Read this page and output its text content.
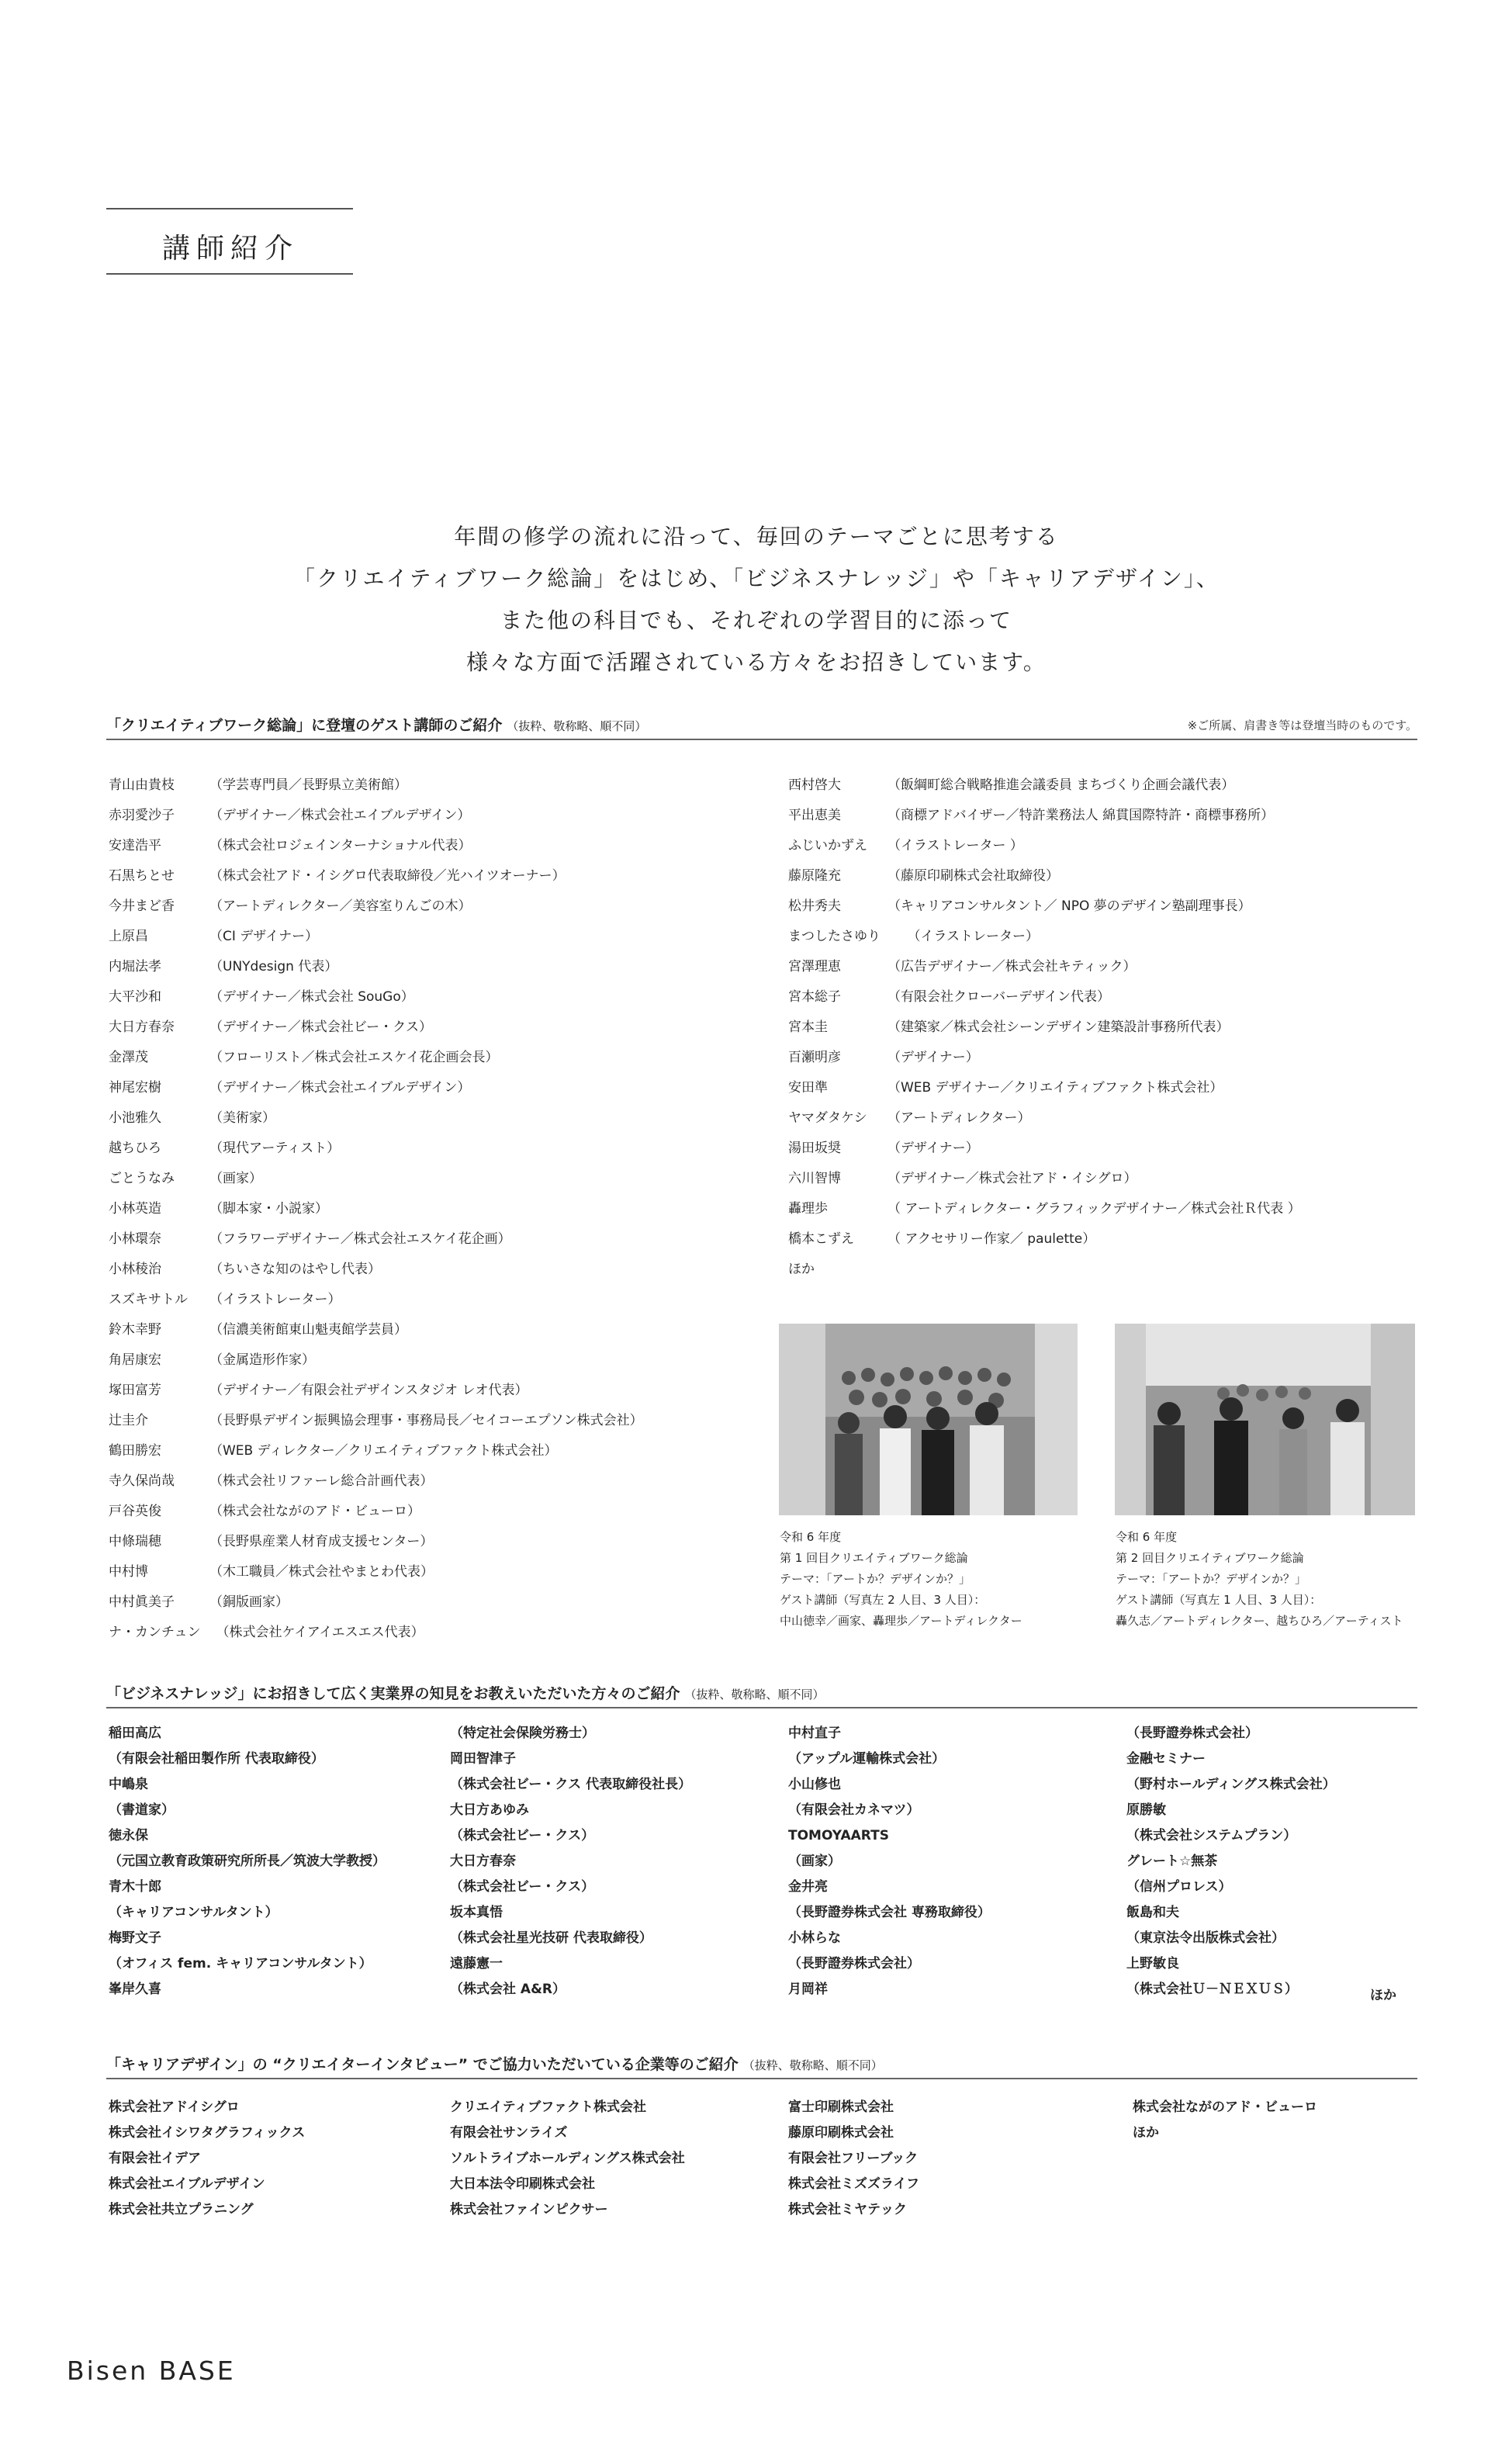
講師紹介

年間の修学の流れに沿って、毎回のテーマごとに思考する

「クリエイティブワーク総論」をはじめ、「ビジネスナレッジ」や「キャリアデザイン」、

また他の科目でも、それぞれの学習目的に添って

様々な方面で活躍されている方々をお招きしています。

「クリエイティブワーク総論」に登壇のゲスト講師のご紹介 （抜粋、敬称略、順不同）	※ご所属、肩書き等は登壇当時のものです。
青山由貴枝	（学芸専門員／長野県立美術館）
赤羽愛沙子	（デザイナー／株式会社エイブルデザイン）
安達浩平	（株式会社ロジェインターナショナル代表）
石黒ちとせ	（株式会社アド・イシグロ代表取締役／光ハイツオーナー）
今井まど香	（アートディレクター／美容室りんごの木）
上原昌	（CI デザイナー）
内堀法孝	（UNYdesign 代表）
大平沙和	（デザイナー／株式会社 SouGo）
大日方春奈	（デザイナー／株式会社ビー・クス）
金澤茂	（フローリスト／株式会社エスケイ花企画会長）
神尾宏樹	（デザイナー／株式会社エイブルデザイン）
小池雅久	（美術家）
越ちひろ	（現代アーティスト）
ごとうなみ	（画家）
小林英造	（脚本家・小説家）
小林環奈	（フラワーデザイナー／株式会社エスケイ花企画）
小林稜治	（ちいさな知のはやし代表）
スズキサトル	（イラストレーター）
鈴木幸野	（信濃美術館東山魁夷館学芸員）
角居康宏	（金属造形作家）
塚田富芳	（デザイナー／有限会社デザインスタジオ レオ代表）
辻圭介	（長野県デザイン振興協会理事・事務局長／セイコーエプソン株式会社）
鶴田勝宏	（WEB ディレクター／クリエイティブファクト株式会社）
寺久保尚哉	（株式会社リファーレ総合計画代表）
戸谷英俊	（株式会社ながのアド・ビューロ）
中條瑞穂	（長野県産業人材育成支援センター）
中村博	（木工職員／株式会社やまとわ代表）
中村眞美子	（銅版画家）
ナ・カンチュン 　（株式会社ケイアイエスエス代表）
西村啓大	（飯綱町総合戦略推進会議委員 まちづくり企画会議代表）
平出恵美	（商標アドバイザー／特許業務法人 綿貫国際特許・商標事務所）
ふじいかずえ	（イラストレーター ）
藤原隆充	（藤原印刷株式会社取締役）
松井秀夫	（キャリアコンサルタント／ NPO 夢のデザイン塾副理事長）
まつしたさゆり 　　（イラストレーター）
宮澤理恵	（広告デザイナー／株式会社キティック）
宮本総子	（有限会社クローバーデザイン代表）
宮本圭	（建築家／株式会社シーンデザイン建築設計事務所代表）
百瀬明彦	（デザイナー）
安田準	（WEB デザイナー／クリエイティブファクト株式会社）
ヤマダタケシ	（アートディレクター）
湯田坂奨	（デザイナー）
六川智博	（デザイナー／株式会社アド・イシグロ）
轟理歩	（ アートディレクター・グラフィックデザイナー／株式会社Ｒ代表 ）
橋本こずえ	（ アクセサリー作家／ paulette）
ほか
令和 6 年度
第 1 回目クリエイティブワーク総論
テーマ：「アートか？デザインか？」
ゲスト講師（写真左 2 人目、3 人目）：
中山徳幸／画家、轟理歩／アートディレクター
令和 6 年度
第 2 回目クリエイティブワーク総論
テーマ：「アートか？デザインか？」
ゲスト講師（写真左 1 人目、3 人目）：
轟久志／アートディレクター、越ちひろ／アーティスト
「ビジネスナレッジ」にお招きして広く実業界の知見をお教えいただいた方々のご紹介 （抜粋、敬称略、順不同）
稲田高広
（有限会社稲田製作所 代表取締役）
中嶋泉
（書道家）
徳永保
（元国立教育政策研究所所長／筑波大学教授）
青木十郎
（キャリアコンサルタント）
梅野文子
（オフィス fem. キャリアコンサルタント）
峯岸久喜
（特定社会保険労務士）
岡田智津子
（株式会社ビー・クス 代表取締役社長）
大日方あゆみ
（株式会社ビー・クス）
大日方春奈
（株式会社ビー・クス）
坂本真悟
（株式会社星光技研 代表取締役）
遠藤憲一
（株式会社 A&R）
中村直子
（アップル運輸株式会社）
小山修也
（有限会社カネマツ）
TOMOYAARTS
（画家）
金井亮
（長野證券株式会社 専務取締役）
小林らな
（長野證券株式会社）
月岡祥
（長野證券株式会社）
金融セミナー
（野村ホールディングス株式会社）
原勝敏
（株式会社システムプラン）
グレート☆無茶
（信州プロレス）
飯島和夫
（東京法令出版株式会社）
上野敏良
（株式会社Ｕ－ＮＥＸＵＳ）	ほか
「キャリアデザイン」の “クリエイターインタビュー” でご協力いただいている企業等のご紹介 （抜粋、敬称略、順不同）
株式会社アドイシグロ
株式会社イシワタグラフィックス
有限会社イデア
株式会社エイブルデザイン
株式会社共立プラニング
クリエイティブファクト株式会社
有限会社サンライズ
ソルトライブホールディングス株式会社
大日本法令印刷株式会社
株式会社ファインピクサー
富士印刷株式会社
藤原印刷株式会社
有限会社フリーブック
株式会社ミズズライフ
株式会社ミヤテック
株式会社ながのアド・ビューロ
ほか
Bisen BASE
